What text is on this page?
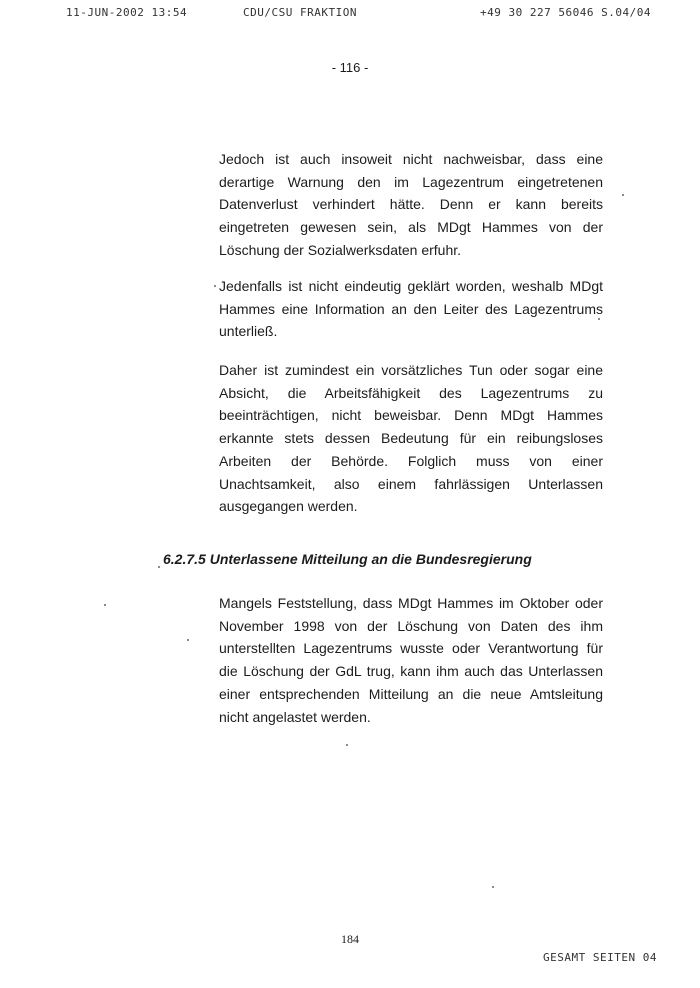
11-JUN-2002 13:54	CDU/CSU FRAKTION	+49 30 227 56046 S.04/04
- 116 -
Jedoch ist auch insoweit nicht nachweisbar, dass eine derartige Warnung den im Lagezentrum eingetretenen Datenverlust verhindert hätte. Denn er kann bereits eingetreten gewesen sein, als MDgt Hammes von der Löschung der Sozialwerksdaten erfuhr.
Jedenfalls ist nicht eindeutig geklärt worden, weshalb MDgt Hammes eine Information an den Leiter des Lagezentrums unterließ.
Daher ist zumindest ein vorsätzliches Tun oder sogar eine Absicht, die Arbeitsfähigkeit des Lagezentrums zu beeinträchtigen, nicht beweisbar. Denn MDgt Hammes erkannte stets dessen Bedeutung für ein reibungsloses Arbeiten der Behörde. Folglich muss von einer Unachtsamkeit, also einem fahrlässigen Unterlassen ausgegangen werden.
6.2.7.5 Unterlassene Mitteilung an die Bundesregierung
Mangels Feststellung, dass MDgt Hammes im Oktober oder November 1998 von der Löschung von Daten des ihm unterstellten Lagezentrums wusste oder Verantwortung für die Löschung der GdL trug, kann ihm auch das Unterlassen einer entsprechenden Mitteilung an die neue Amtsleitung nicht angelastet werden.
184
GESAMT SEITEN 04
